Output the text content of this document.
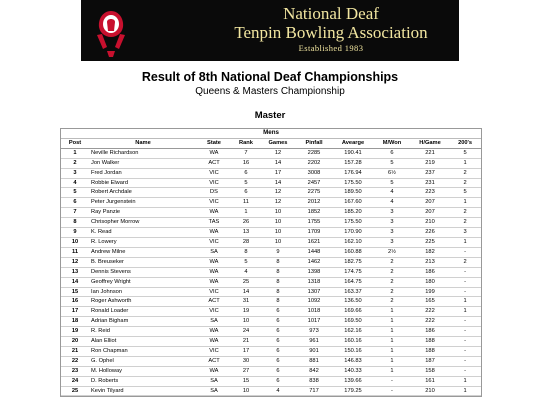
National Deaf
Tenpin Bowling Association
Established 1983
Result of 8th National Deaf Championships
Queens & Masters Championship
Master
Mens									
Post	Name	State	Rank	Games	Pinfall	Avearge	M/Won	H/Game	200's
1	Neville Richardson	WA	7	12	2285	190.41	6	221	5
2	Jon Walker	ACT	16	14	2202	157.28	5	219	1
3	Fred Jordan	VIC	6	17	3008	176.94	6½	237	2
4	Robbie Elward	VIC	5	14	2457	175.50	5	231	2
5	Robert Archdale	DS	6	12	2275	189.50	4	223	5
6	Peter Jurgenstein	VIC	11	12	2012	167.60	4	207	1
7	Ray Panzie	WA	1	10	1852	185.20	3	207	2
8	Chrisopher Morrow	TAS	26	10	1755	175.50	3	210	2
9	K. Read	WA	13	10	1709	170.90	3	226	3
10	R. Lowery	VIC	28	10	1621	162.10	3	225	1
11	Andrew Milne	SA	8	9	1448	160.88	2½	182	-
12	B. Breuseker	WA	5	8	1462	182.75	2	213	2
13	Dennis Stevens	WA	4	8	1398	174.75	2	186	-
14	Geoffrey Wright	WA	25	8	1318	164.75	2	180	-
15	Ian Johnson	VIC	14	8	1307	163.37	2	199	-
16	Roger Ashworth	ACT	31	8	1092	136.50	2	165	1
17	Ronald Loader	VIC	19	6	1018	169.66	1	222	1
18	Adrian Bigham	SA	10	6	1017	169.50	1	222	-
19	R. Reid	WA	24	6	973	162.16	1	186	-
20	Alan Elliot	WA	21	6	961	160.16	1	188	-
21	Ron Chapman	VIC	17	6	901	150.16	1	188	-
22	G. Ophel	ACT	30	6	881	146.83	1	187	-
23	M. Holloway	WA	27	6	842	140.33	1	158	-
24	D. Roberts	SA	15	6	838	139.66	-	161	1
25	Kevin Tilyard	SA	10	4	717	179.25	-	210	1
